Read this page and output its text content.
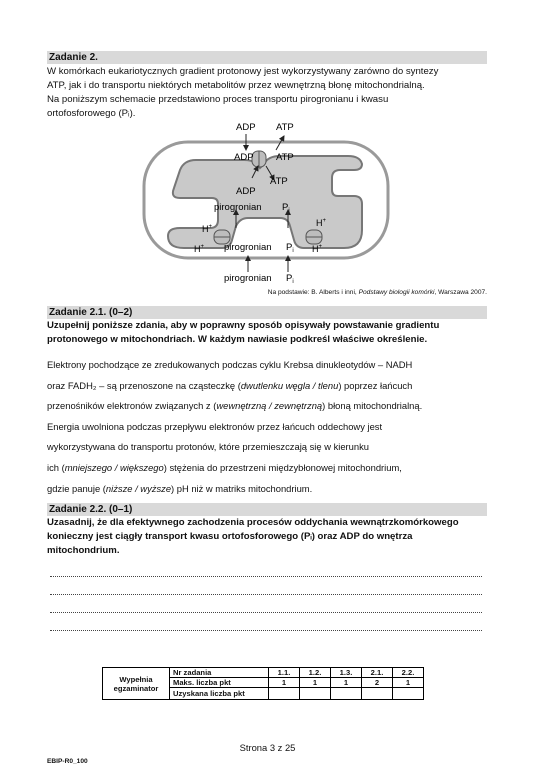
Zadanie 2.
W komórkach eukariotycznych gradient protonowy jest wykorzystywany zarówno do syntezy
ATP, jak i do transportu niektórych metabolitów przez wewnętrzną błonę mitochondrialną.
Na poniższym schemacie przedstawiono proces transportu pirogronianu i kwasu
ortofosforowego (Pᵢ).
ADP ATP
ADP ATP
ADP
ATP
pirogronian $P_i$
H+
H+
H+
H+
pirogronian $P_i$
pirogronian $P_i$
Na podstawie: B. Alberts i inni, Podstawy biologii komórki, Warszawa 2007.
Zadanie 2.1. (0–2)
Uzupełnij poniższe zdania, aby w poprawny sposób opisywały powstawanie gradientu
protonowego w mitochondriach. W każdym nawiasie podkreśl właściwe określenie.
Elektrony pochodzące ze zredukowanych podczas cyklu Krebsa dinukleotydów – NADH
oraz FADH₂ – są przenoszone na cząsteczkę (dwutlenku węgla / tlenu) poprzez łańcuch
przenośników elektronów związanych z (wewnętrzną / zewnętrzną) błoną mitochondrialną.
Energia uwolniona podczas przepływu elektronów przez łańcuch oddechowy jest
wykorzystywana do transportu protonów, które przemieszczają się w kierunku
ich (mniejszego / większego) stężenia do przestrzeni międzybłonowej mitochondrium,
gdzie panuje (niższe / wyższe) pH niż w matriks mitochondrium.
Zadanie 2.2. (0–1)
Uzasadnij, że dla efektywnego zachodzenia procesów oddychania wewnątrzkomórkowego
konieczny jest ciągły transport kwasu ortofosforowego (Pᵢ) oraz ADP do wnętrza
mitochondrium.
Wypełnia
egzaminator	Nr zadania	1.1.	1.2.	1.3.	2.1.	2.2.
	Maks. liczba pkt	1	1	1	2	1
	Uzyskana liczba pkt					
Strona 3 z 25
EBIP-R0_100
